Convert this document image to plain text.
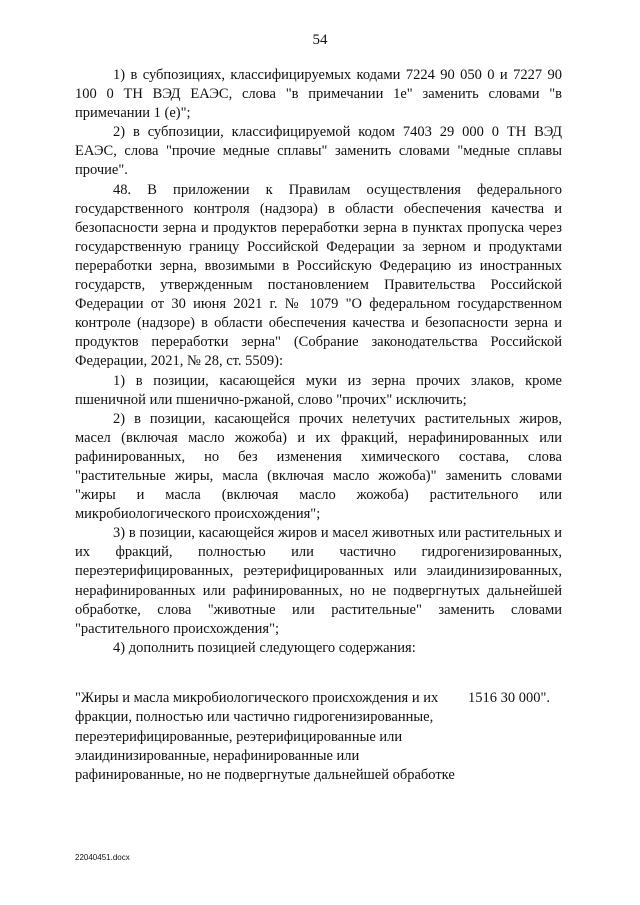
54

1) в субпозициях, классифицируемых кодами 7224 90 050 0 и 7227 90 100 0 ТН ВЭД ЕАЭС, слова "в примечании 1е" заменить словами "в примечании 1 (е)";

2) в субпозиции, классифицируемой кодом 7403 29 000 0 ТН ВЭД ЕАЭС, слова "прочие медные сплавы" заменить словами "медные сплавы прочие".

48. В приложении к Правилам осуществления федерального государственного контроля (надзора) в области обеспечения качества и безопасности зерна и продуктов переработки зерна в пунктах пропуска через государственную границу Российской Федерации за зерном и продуктами переработки зерна, ввозимыми в Российскую Федерацию из иностранных государств, утвержденным постановлением Правительства Российской Федерации от 30 июня 2021 г. № 1079 "О федеральном государственном контроле (надзоре) в области обеспечения качества и безопасности зерна и продуктов переработки зерна" (Собрание законодательства Российской Федерации, 2021, № 28, ст. 5509):

1) в позиции, касающейся муки из зерна прочих злаков, кроме пшеничной или пшенично-ржаной, слово "прочих" исключить;

2) в позиции, касающейся прочих нелетучих растительных жиров, масел (включая масло жожоба) и их фракций, нерафинированных или рафинированных, но без изменения химического состава, слова "растительные жиры, масла (включая масло жожоба)" заменить словами "жиры и масла (включая масло жожоба) растительного или микробиологического происхождения";

3) в позиции, касающейся жиров и масел животных или растительных и их фракций, полностью или частично гидрогенизированных, переэтерифицированных, реэтерифицированных или элаидинизированных, нерафинированных или рафинированных, но не подвергнутых дальнейшей обработке, слова "животные или растительные" заменить словами "растительного происхождения";

4) дополнить позицией следующего содержания:

"Жиры и масла микробиологического происхождения и их фракции, полностью или частично гидрогенизированные, переэтерифицированные, реэтерифицированные или элаидинизированные, нерафинированные или рафинированные, но не подвергнутые дальнейшей обработке
1516 30 000".
22040451.docx
